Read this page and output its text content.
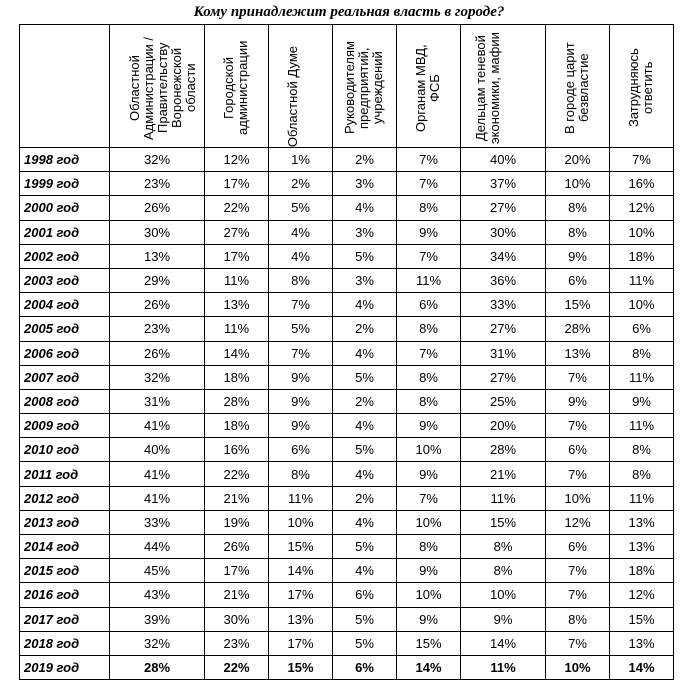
Кому принадлежит реальная власть в городе?

	Областной Администрации / Правительству Воронежской области	Городской администрации	Областной Думе	Руководителям предприятий, учреждений	Органам МВД, ФСБ	Дельцам теневой экономики, мафии	В городе царит безвластие	Затрудняюсь ответить

1998 год	32%	12%	1%	2%	7%	40%	20%	7%
1999 год	23%	17%	2%	3%	7%	37%	10%	16%
2000 год	26%	22%	5%	4%	8%	27%	8%	12%
2001 год	30%	27%	4%	3%	9%	30%	8%	10%
2002 год	13%	17%	4%	5%	7%	34%	9%	18%
2003 год	29%	11%	8%	3%	11%	36%	6%	11%
2004 год	26%	13%	7%	4%	6%	33%	15%	10%
2005 год	23%	11%	5%	2%	8%	27%	28%	6%
2006 год	26%	14%	7%	4%	7%	31%	13%	8%
2007 год	32%	18%	9%	5%	8%	27%	7%	11%
2008 год	31%	28%	9%	2%	8%	25%	9%	9%
2009 год	41%	18%	9%	4%	9%	20%	7%	11%
2010 год	40%	16%	6%	5%	10%	28%	6%	8%
2011 год	41%	22%	8%	4%	9%	21%	7%	8%
2012 год	41%	21%	11%	2%	7%	11%	10%	11%
2013 год	33%	19%	10%	4%	10%	15%	12%	13%
2014 год	44%	26%	15%	5%	8%	8%	6%	13%
2015 год	45%	17%	14%	4%	9%	8%	7%	18%
2016 год	43%	21%	17%	6%	10%	10%	7%	12%
2017 год	39%	30%	13%	5%	9%	9%	8%	15%
2018 год	32%	23%	17%	5%	15%	14%	7%	13%
2019 год	28%	22%	15%	6%	14%	11%	10%	14%
